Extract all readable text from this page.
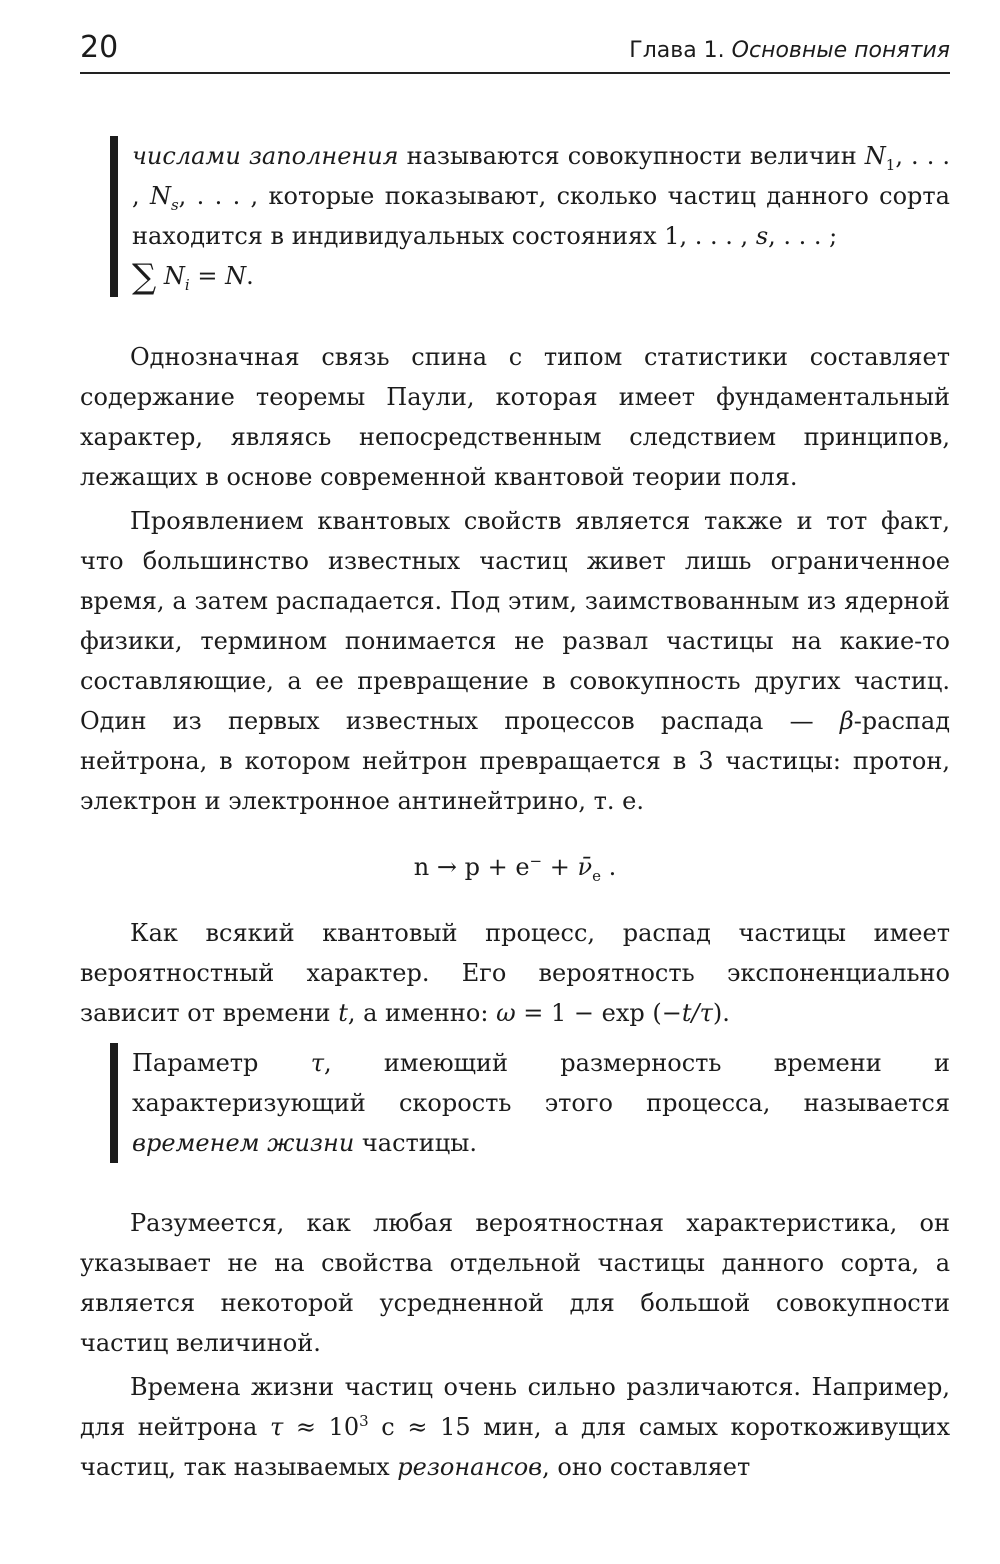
20	Глава 1. Основные понятия

числами заполнения называются совокупности величин $N_1$, . . . , $N_s$, . . . , которые показывают, сколько частиц данного сорта находится в индивидуальных состояниях 1, . . . , s, . . . ;
∑ $N_i = N$.

Однозначная связь спина с типом статистики составляет содержание теоремы Паули, которая имеет фундаментальный характер, являясь непосредственным следствием принципов, лежащих в основе современной квантовой теории поля.

Проявлением квантовых свойств является также и тот факт, что большинство известных частиц живет лишь ограниченное время, а затем распадается. Под этим, заимствованным из ядерной физики, термином понимается не развал частицы на какие-то составляющие, а ее превращение в совокупность других частиц. Один из первых известных процессов распада — β-распад нейтрона, в котором нейтрон превращается в 3 частицы: протон, электрон и электронное антинейтрино, т. е.

$n \to p + e^- + \nū_e$ .

Как всякий квантовый процесс, распад частицы имеет вероятностный характер. Его вероятность экспоненциально зависит от времени t, а именно: ω = 1 − exp (−t/τ).

Параметр τ, имеющий размерность времени и характеризующий скорость этого процесса, называется временем жизни частицы.

Разумеется, как любая вероятностная характеристика, он указывает не на свойства отдельной частицы данного сорта, а является некоторой усредненной для большой совокупности частиц величиной.

Времена жизни частиц очень сильно различаются. Например, для нейтрона $\tau \approx 10^3$ с ≈ 15 мин, а для самых короткоживущих частиц, так называемых резонансов, оно составляет
